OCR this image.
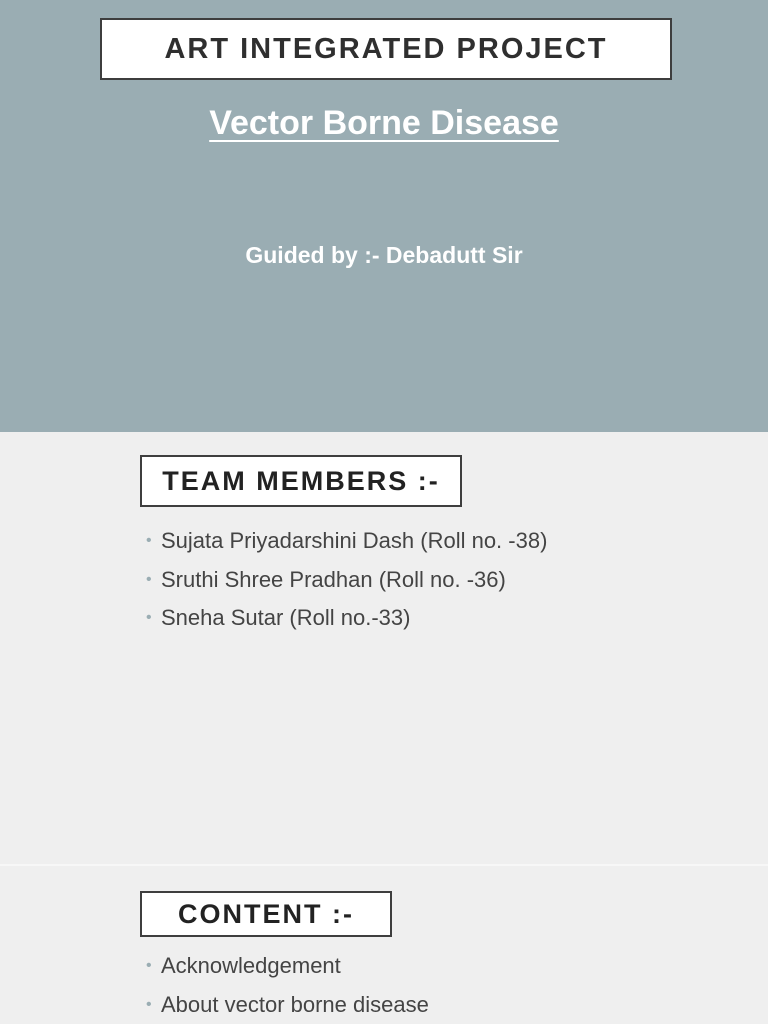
ART INTEGRATED PROJECT
Vector Borne Disease
Guided by :- Debadutt Sir
TEAM MEMBERS :-
• Sujata Priyadarshini Dash (Roll no. -38)
• Sruthi Shree Pradhan (Roll no. -36)
• Sneha Sutar (Roll no.-33)
CONTENT :-
• Acknowledgement
• About vector borne disease
